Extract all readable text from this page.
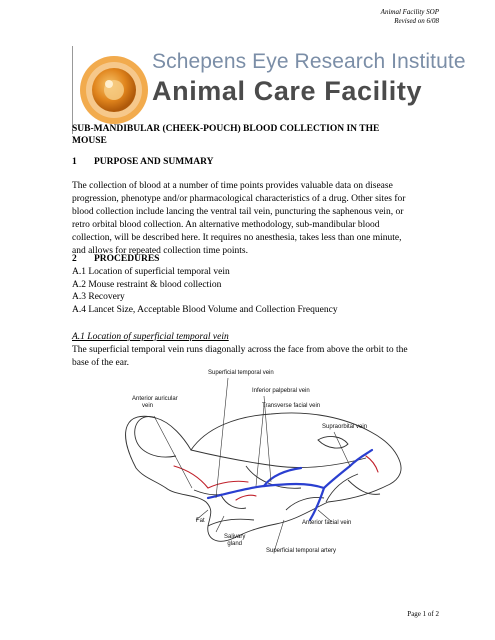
Animal Facility SOP
Revised on 6/08
Schepens Eye Research Institute
Animal Care Facility
SUB-MANDIBULAR (CHEEK-POUCH) BLOOD COLLECTION IN THE
MOUSE
1 PURPOSE AND SUMMARY
The collection of blood at a number of time points provides valuable data on disease
progression, phenotype and/or pharmacological characteristics of a drug. Other sites for
blood collection include lancing the ventral tail vein, puncturing the saphenous vein, or
retro orbital blood collection. An alternative methodology, sub-mandibular blood
collection, will be described here. It requires no anesthesia, takes less than one minute,
and allows for repeated collection time points.
2 PROCEDURES
A.1 Location of superficial temporal vein
A.2 Mouse restraint & blood collection
A.3 Recovery
A.4 Lancet Size, Acceptable Blood Volume and Collection Frequency
A.1 Location of superficial temporal vein
The superficial temporal vein runs diagonally across the face from above the orbit to the
base of the ear.
Superficial temporal vein
Inferior palpebral vein
Anterior auricular
vein	Transverse facial vein
Supraorbital vein
Fat
Salivary
gland
Anterior facial vein
Superficial temporal artery
Page 1 of 2
